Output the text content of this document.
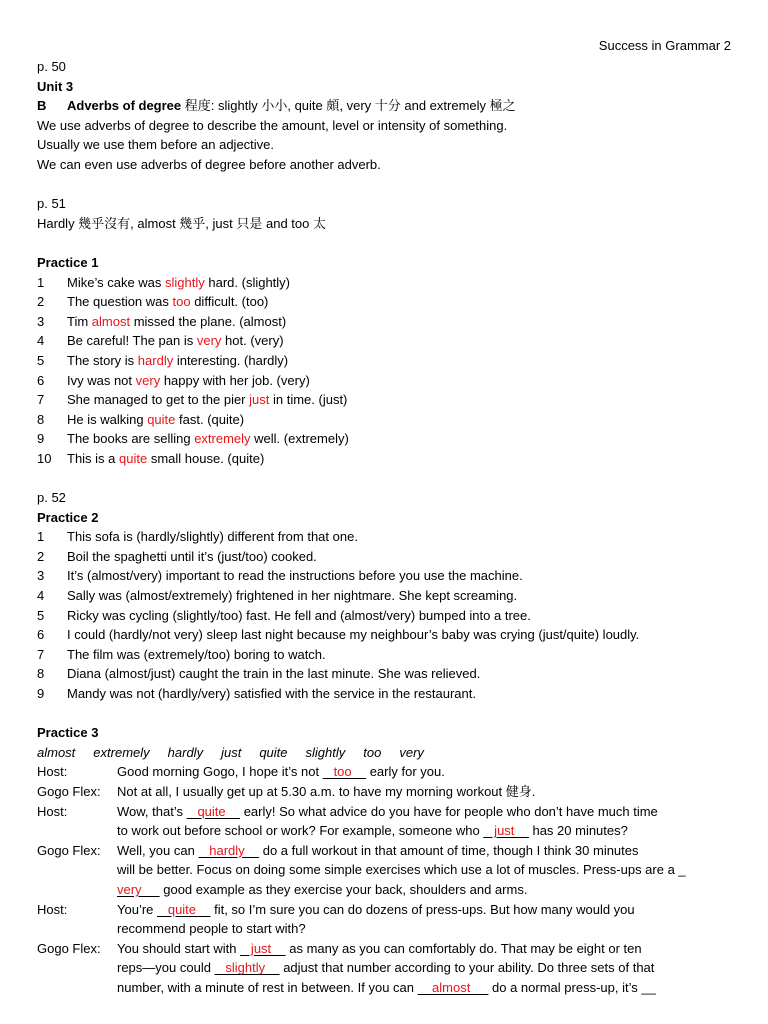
Success in Grammar 2
p. 50
Unit 3
B Adverbs of degree 程度: slightly 小小, quite 頗, very 十分 and extremely 極之
We use adverbs of degree to describe the amount, level or intensity of something.
Usually we use them before an adjective.
We can even use adverbs of degree before another adverb.
p. 51
Hardly 幾乎沒有, almost 幾乎, just 只是 and too 太
Practice 1
1 Mike’s cake was slightly hard. (slightly)
2 The question was too difficult. (too)
3 Tim almost missed the plane. (almost)
4 Be careful! The pan is very hot. (very)
5 The story is hardly interesting. (hardly)
6 Ivy was not very happy with her job. (very)
7 She managed to get to the pier just in time. (just)
8 He is walking quite fast. (quite)
9 The books are selling extremely well. (extremely)
10 This is a quite small house. (quite)
p. 52
Practice 2
1 This sofa is (hardly/slightly) different from that one.
2 Boil the spaghetti until it’s (just/too) cooked.
3 It’s (almost/very) important to read the instructions before you use the machine.
4 Sally was (almost/extremely) frightened in her nightmare. She kept screaming.
5 Ricky was cycling (slightly/too) fast. He fell and (almost/very) bumped into a tree.
6 I could (hardly/not very) sleep last night because my neighbour’s baby was crying (just/quite) loudly.
7 The film was (extremely/too) boring to watch.
8 Diana (almost/just) caught the train in the last minute. She was relieved.
9 Mandy was not (hardly/very) satisfied with the service in the restaurant.
Practice 3
almost extremely hardly just quite slightly too very
Host:	Good morning Gogo, I hope it’s not    too     early for you.
Gogo Flex:	Not at all, I usually get up at 5.30 a.m. to have my morning workout 健身.
Host:	Wow, that’s    quite     early! So what advice do you have for people who don’t have much time
to work out before school or work? For example, someone who    just     has 20 minutes?
Gogo Flex:	Well, you can    hardly     do a full workout in that amount of time, though I think 30 minutes
will be better. Focus on doing some simple exercises which use a lot of muscles. Press-ups are a _
very      good example as they exercise your back, shoulders and arms.
Host:	You’re    quite     fit, so I’m sure you can do dozens of press-ups. But how many would you
recommend people to start with?
Gogo Flex:	You should start with    just     as many as you can comfortably do. That may be eight or ten
reps—you could    slightly     adjust that number according to your ability. Do three sets of that
number, with a minute of rest in between. If you can     almost      do a normal press-up, it’s __
